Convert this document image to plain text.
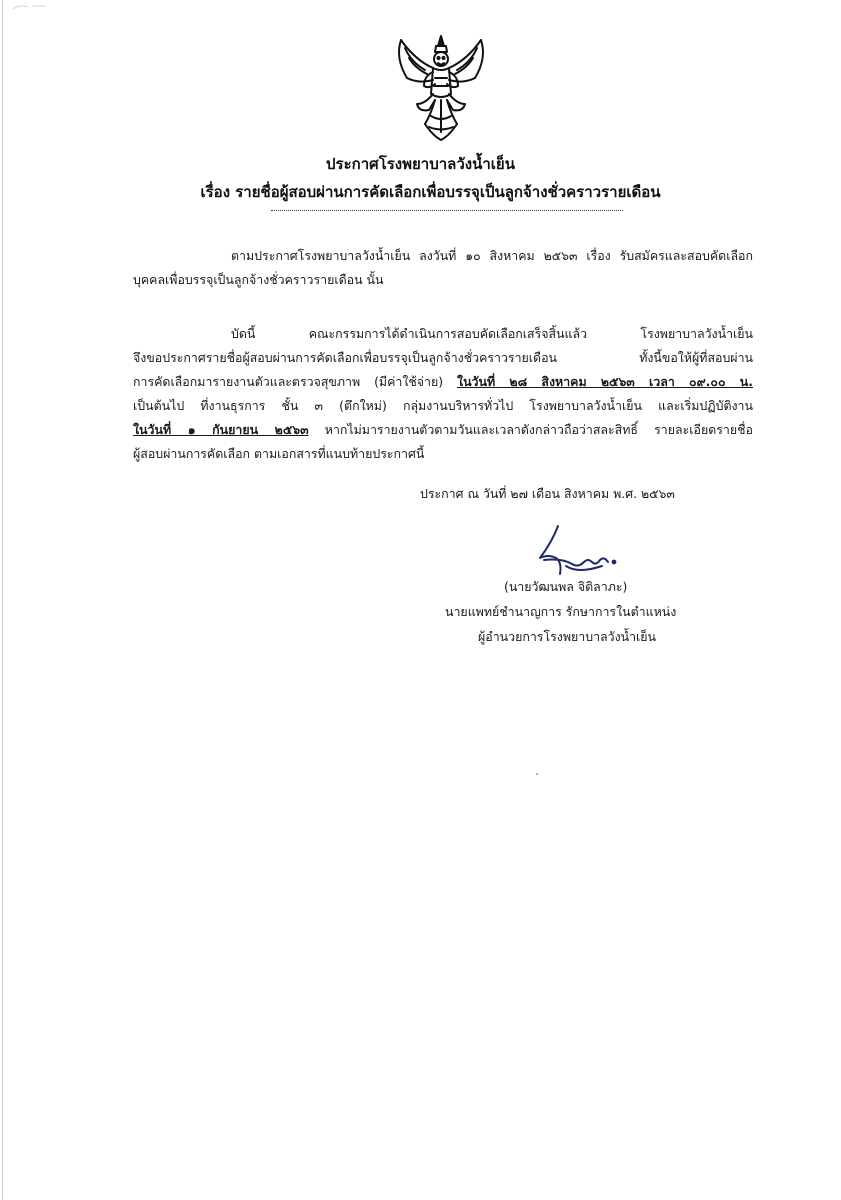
ประกาศโรงพยาบาลวังน้ำเย็น
เรื่อง รายชื่อผู้สอบผ่านการคัดเลือกเพื่อบรรจุเป็นลูกจ้างชั่วคราวรายเดือน
ตามประกาศโรงพยาบาลวังน้ำเย็น ลงวันที่ ๑๐ สิงหาคม ๒๕๖๓ เรื่อง รับสมัครและสอบคัดเลือก
บุคคลเพื่อบรรจุเป็นลูกจ้างชั่วคราวรายเดือน นั้น
บัดนี้ คณะกรรมการได้ดำเนินการสอบคัดเลือกเสร็จสิ้นแล้ว โรงพยาบาลวังน้ำเย็น
จึงขอประกาศรายชื่อผู้สอบผ่านการคัดเลือกเพื่อบรรจุเป็นลูกจ้างชั่วคราวรายเดือน ทั้งนี้ขอให้ผู้ที่สอบผ่าน
การคัดเลือกมารายงานตัวและตรวจสุขภาพ (มีค่าใช้จ่าย) ในวันที่ ๒๘ สิงหาคม ๒๕๖๓ เวลา ๐๙.๐๐ น.
เป็นต้นไป ที่งานธุรการ ชั้น ๓ (ตึกใหม่) กลุ่มงานบริหารทั่วไป โรงพยาบาลวังน้ำเย็น และเริ่มปฏิบัติงาน
ในวันที่ ๑ กันยายน ๒๕๖๓ หากไม่มารายงานตัวตามวันและเวลาดังกล่าวถือว่าสละสิทธิ์ รายละเอียดรายชื่อ
ผู้สอบผ่านการคัดเลือก ตามเอกสารที่แนบท้ายประกาศนี้
ประกาศ ณ วันที่ ๒๗ เดือน สิงหาคม พ.ศ. ๒๕๖๓
(นายวัฒนพล จิติลาภะ)
นายแพทย์ชำนาญการ รักษาการในตำแหน่ง
ผู้อำนวยการโรงพยาบาลวังน้ำเย็น
